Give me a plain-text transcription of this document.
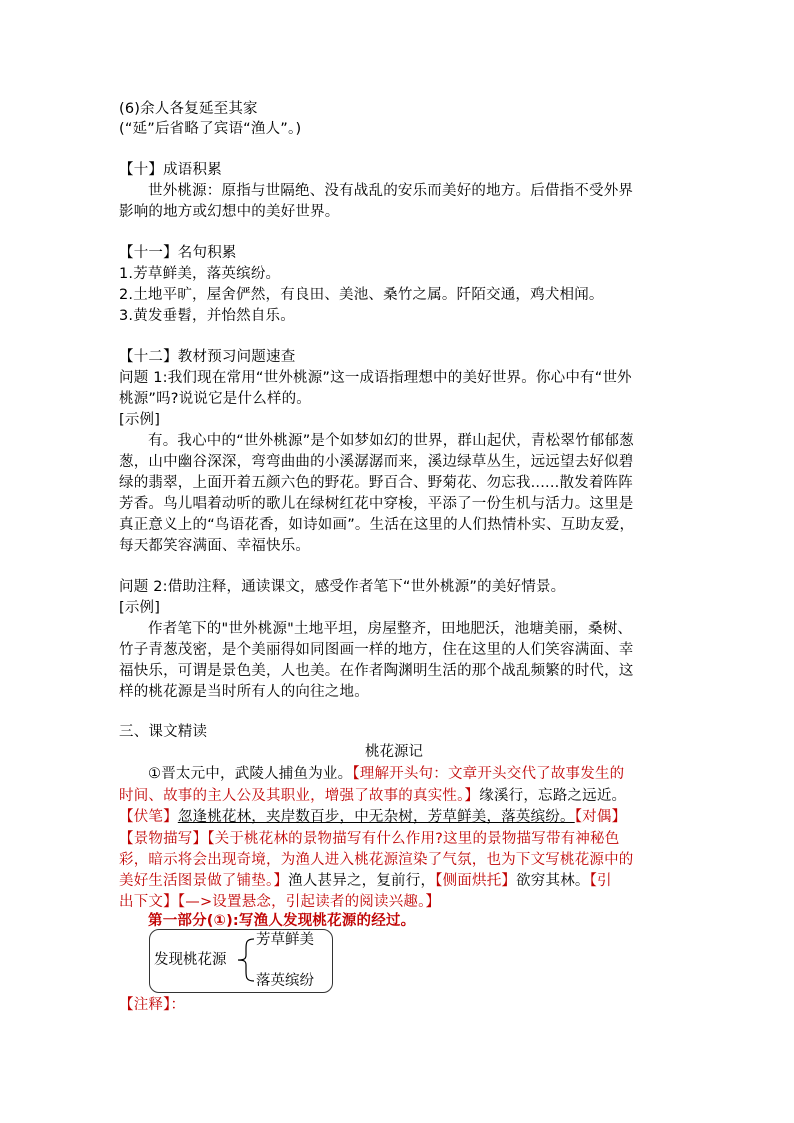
(6)余人各复延至其家
(“延”后省略了宾语“渔人”。)
【十】成语积累
世外桃源：原指与世隔绝、没有战乱的安乐而美好的地方。后借指不受外界
影响的地方或幻想中的美好世界。
【十一】名句积累
1.芳草鲜美，落英缤纷。
2.土地平旷，屋舍俨然，有良田、美池、桑竹之属。阡陌交通，鸡犬相闻。
3.黄发垂髫，并怡然自乐。
【十二】教材预习问题速查
问题 1:我们现在常用“世外桃源”这一成语指理想中的美好世界。你心中有“世外
桃源”吗?说说它是什么样的。
[示例]
有。我心中的“世外桃源”是个如梦如幻的世界，群山起伏，青松翠竹郁郁葱
葱，山中幽谷深深，弯弯曲曲的小溪潺潺而来，溪边绿草丛生，远远望去好似碧
绿的翡翠，上面开着五颜六色的野花。野百合、野菊花、勿忘我......散发着阵阵
芳香。鸟儿唱着动听的歌儿在绿树红花中穿梭，平添了一份生机与活力。这里是
真正意义上的“鸟语花香，如诗如画”。生活在这里的人们热情朴实、互助友爱，
每天都笑容满面、幸福快乐。
问题 2:借助注释，通读课文，感受作者笔下“世外桃源”的美好情景。
[示例]
作者笔下的"世外桃源"土地平坦，房屋整齐，田地肥沃，池塘美丽，桑树、
竹子青葱茂密，是个美丽得如同图画一样的地方，住在这里的人们笑容满面、幸
福快乐，可谓是景色美，人也美。在作者陶渊明生活的那个战乱频繁的时代，这
样的桃花源是当时所有人的向往之地。
三、课文精读
桃花源记
①晋太元中，武陵人捕鱼为业。【理解开头句：文章开头交代了故事发生的
时间、故事的主人公及其职业，增强了故事的真实性。】缘溪行，忘路之远近。
【伏笔】忽逢桃花林，夹岸数百步，中无杂树，芳草鲜美，落英缤纷。【对偶】
【景物描写】【关于桃花林的景物描写有什么作用?这里的景物描写带有神秘色
彩，暗示将会出现奇境，为渔人进入桃花源渲染了气氛，也为下文写桃花源中的
美好生活图景做了铺垫。】渔人甚异之，复前行，【侧面烘托】欲穷其林。【引
出下文】【—>设置悬念，引起读者的阅读兴趣。】
第一部分(①):写渔人发现桃花源的经过。
发现桃花源
芳草鲜美
落英缤纷
【注释】：
